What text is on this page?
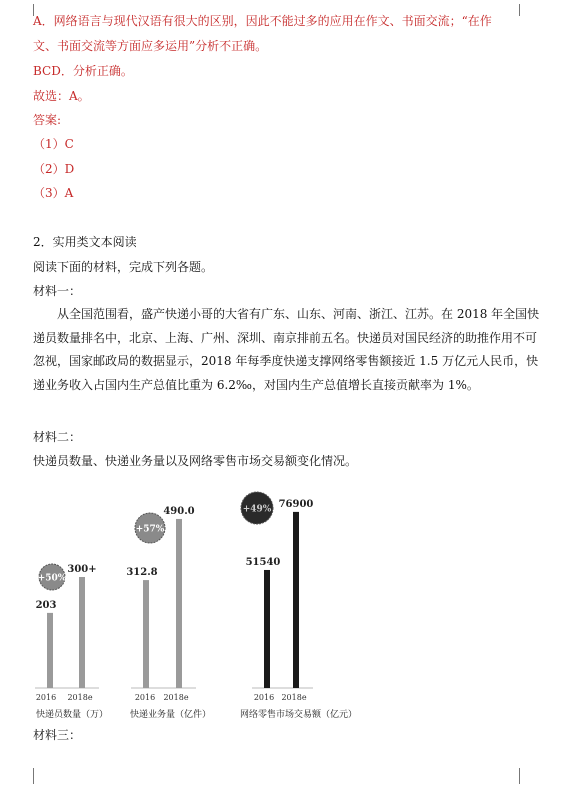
A．网络语言与现代汉语有很大的区别，因此不能过多的应用在作文、书面交流；“在作
文、书面交流等方面应多运用”分析不正确。
BCD．分析正确。
故选：A。
答案:
（1）C
（2）D
（3）A
2．实用类文本阅读
阅读下面的材料，完成下列各题。
材料一：
从全国范围看，盛产快递小哥的大省有广东、山东、河南、浙江、江苏。在 2018 年全国快递员数量排名中，北京、上海、广州、深圳、南京排前五名。快递员对国民经济的助推作用不可忽视，国家邮政局的数据显示，2018 年每季度快递支撑网络零售额接近 1.5 万亿元人民币，快递业务收入占国内生产总值比重为 6.2‰，对国内生产总值增长直接贡献率为 1%。
材料二：
快递员数量、快递业务量以及网络零售市场交易额变化情况。
203
2016
300+
2018e
+50%
快递员数量（万）
312.8
2016
490.0
2018e
+57%
快递业务量（亿件）
51540
2016
76900
2018e
+49%
网络零售市场交易额（亿元）
材料三：
